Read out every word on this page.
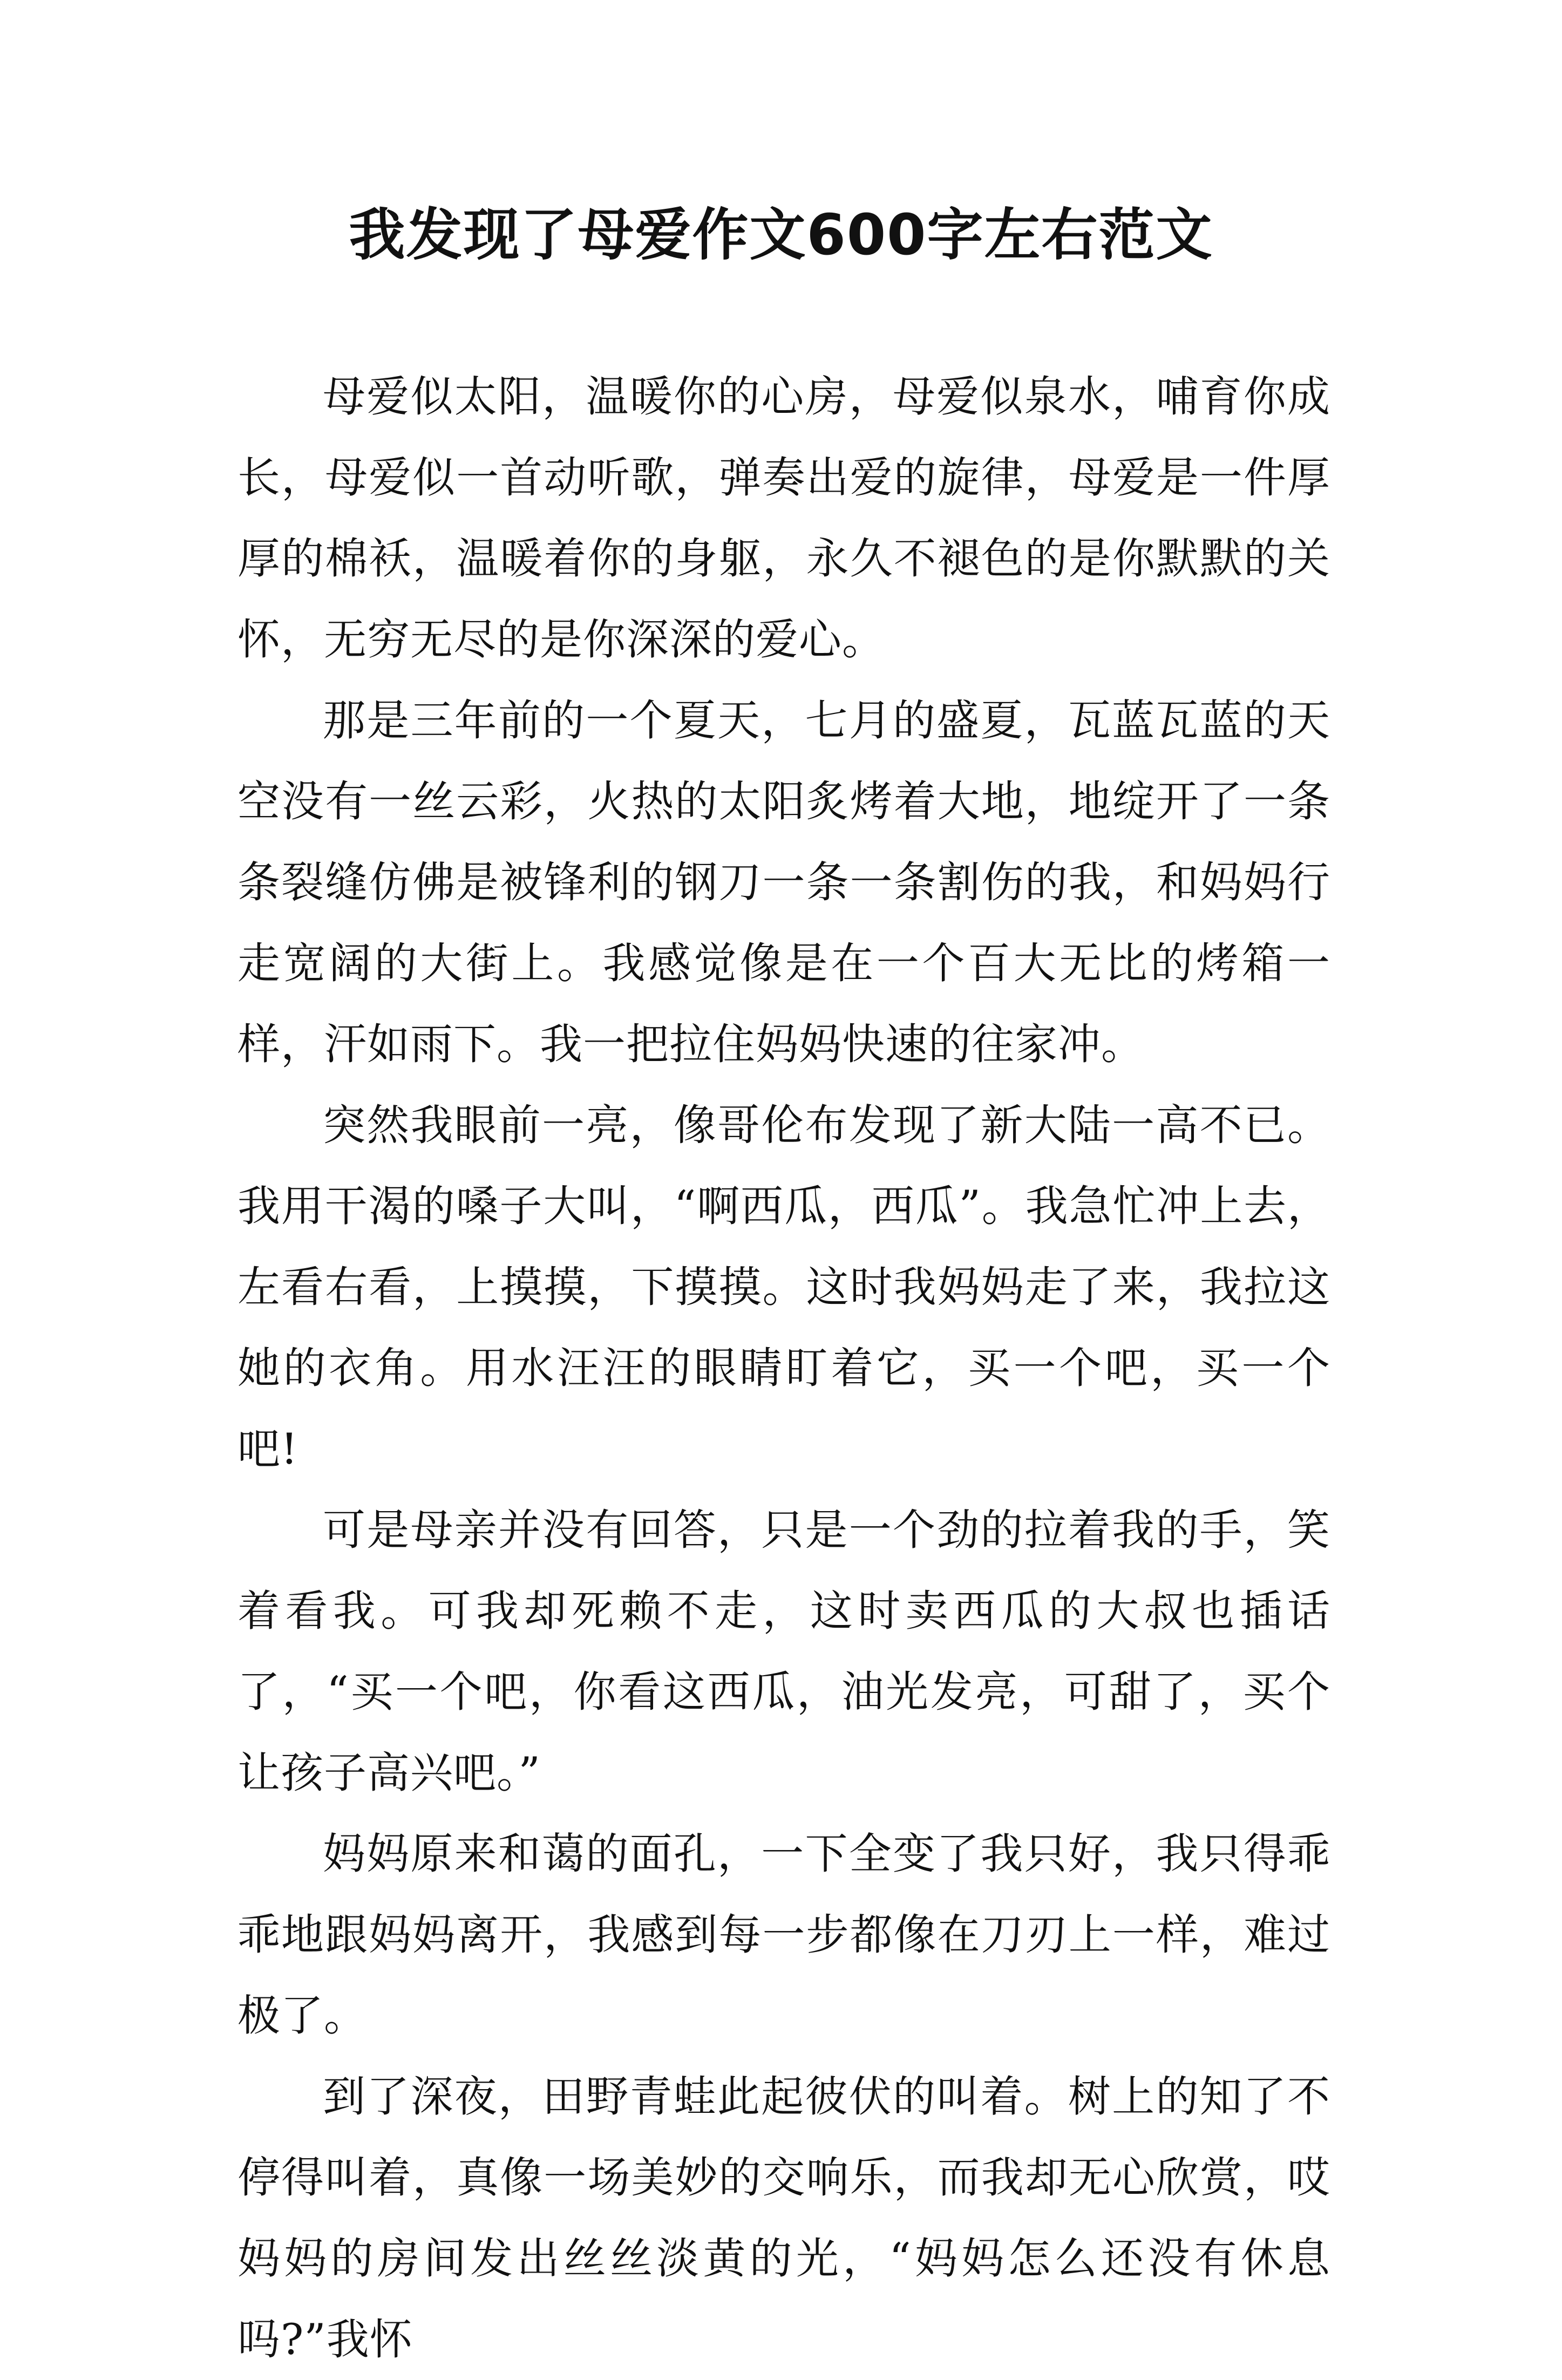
我发现了母爱作文600字左右范文

母爱似太阳，温暖你的心房，母爱似泉水，哺育你成长，母爱似一首动听歌，弹奏出爱的旋律，母爱是一件厚厚的棉袄，温暖着你的身躯，永久不褪色的是你默默的关怀，无穷无尽的是你深深的爱心。

那是三年前的一个夏天，七月的盛夏，瓦蓝瓦蓝的天空没有一丝云彩，火热的太阳炙烤着大地，地绽开了一条条裂缝仿佛是被锋利的钢刀一条一条割伤的我，和妈妈行走宽阔的大街上。我感觉像是在一个百大无比的烤箱一样，汗如雨下。我一把拉住妈妈快速的往家冲。

突然我眼前一亮，像哥伦布发现了新大陆一高不已。我用干渴的嗓子大叫，“啊西瓜，西瓜”。我急忙冲上去，左看右看，上摸摸，下摸摸。这时我妈妈走了来，我拉这她的衣角。用水汪汪的眼睛盯着它，买一个吧，买一个吧!

可是母亲并没有回答，只是一个劲的拉着我的手，笑着看我。可我却死赖不走，这时卖西瓜的大叔也插话了，“买一个吧，你看这西瓜，油光发亮，可甜了，买个让孩子高兴吧。”

妈妈原来和蔼的面孔，一下全变了我只好，我只得乖乖地跟妈妈离开，我感到每一步都像在刀刃上一样，难过极了。

到了深夜，田野青蛙此起彼伏的叫着。树上的知了不停得叫着，真像一场美妙的交响乐，而我却无心欣赏，哎妈妈的房间发出丝丝淡黄的光，“妈妈怎么还没有休息吗?”我怀
